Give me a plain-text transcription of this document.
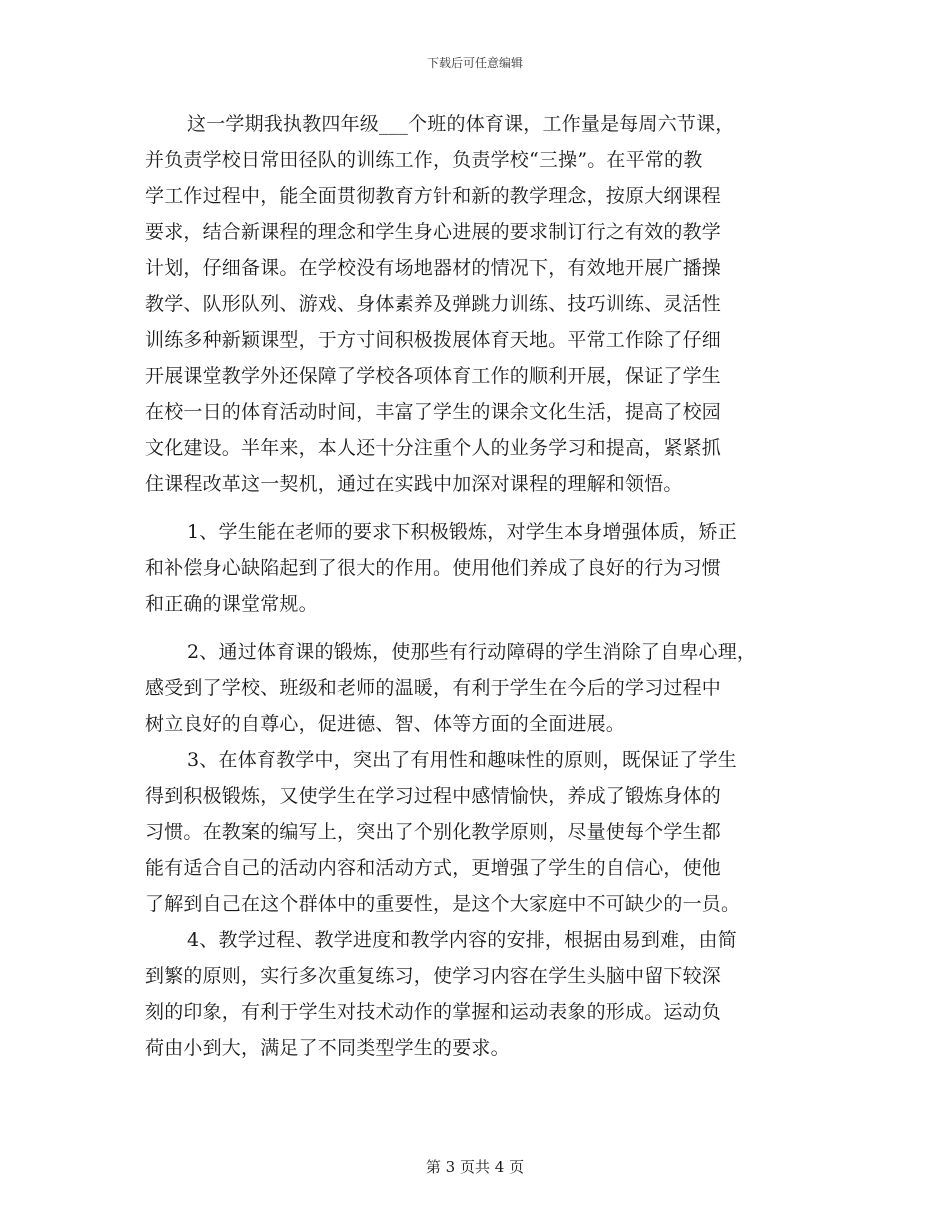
下载后可任意编辑
这一学期我执教四年级___个班的体育课，工作量是每周六节课，
并负责学校日常田径队的训练工作，负责学校“三操”。在平常的教
学工作过程中，能全面贯彻教育方针和新的教学理念，按原大纲课程
要求，结合新课程的理念和学生身心进展的要求制订行之有效的教学
计划，仔细备课。在学校没有场地器材的情况下，有效地开展广播操
教学、队形队列、游戏、身体素养及弹跳力训练、技巧训练、灵活性
训练多种新颖课型，于方寸间积极拨展体育天地。平常工作除了仔细
开展课堂教学外还保障了学校各项体育工作的顺利开展，保证了学生
在校一日的体育活动时间，丰富了学生的课余文化生活，提高了校园
文化建设。半年来，本人还十分注重个人的业务学习和提高，紧紧抓
住课程改革这一契机，通过在实践中加深对课程的理解和领悟。
1、学生能在老师的要求下积极锻炼，对学生本身增强体质，矫正
和补偿身心缺陷起到了很大的作用。使用他们养成了良好的行为习惯
和正确的课堂常规。
2、通过体育课的锻炼，使那些有行动障碍的学生消除了自卑心理，
感受到了学校、班级和老师的温暖，有利于学生在今后的学习过程中
树立良好的自尊心，促进德、智、体等方面的全面进展。
3、在体育教学中，突出了有用性和趣味性的原则，既保证了学生
得到积极锻炼，又使学生在学习过程中感情愉快，养成了锻炼身体的
习惯。在教案的编写上，突出了个别化教学原则，尽量使每个学生都
能有适合自己的活动内容和活动方式，更增强了学生的自信心，使他
了解到自己在这个群体中的重要性，是这个大家庭中不可缺少的一员。
4、教学过程、教学进度和教学内容的安排，根据由易到难，由简
到繁的原则，实行多次重复练习，使学习内容在学生头脑中留下较深
刻的印象，有利于学生对技术动作的掌握和运动表象的形成。运动负
荷由小到大，满足了不同类型学生的要求。
第 3 页共 4 页
